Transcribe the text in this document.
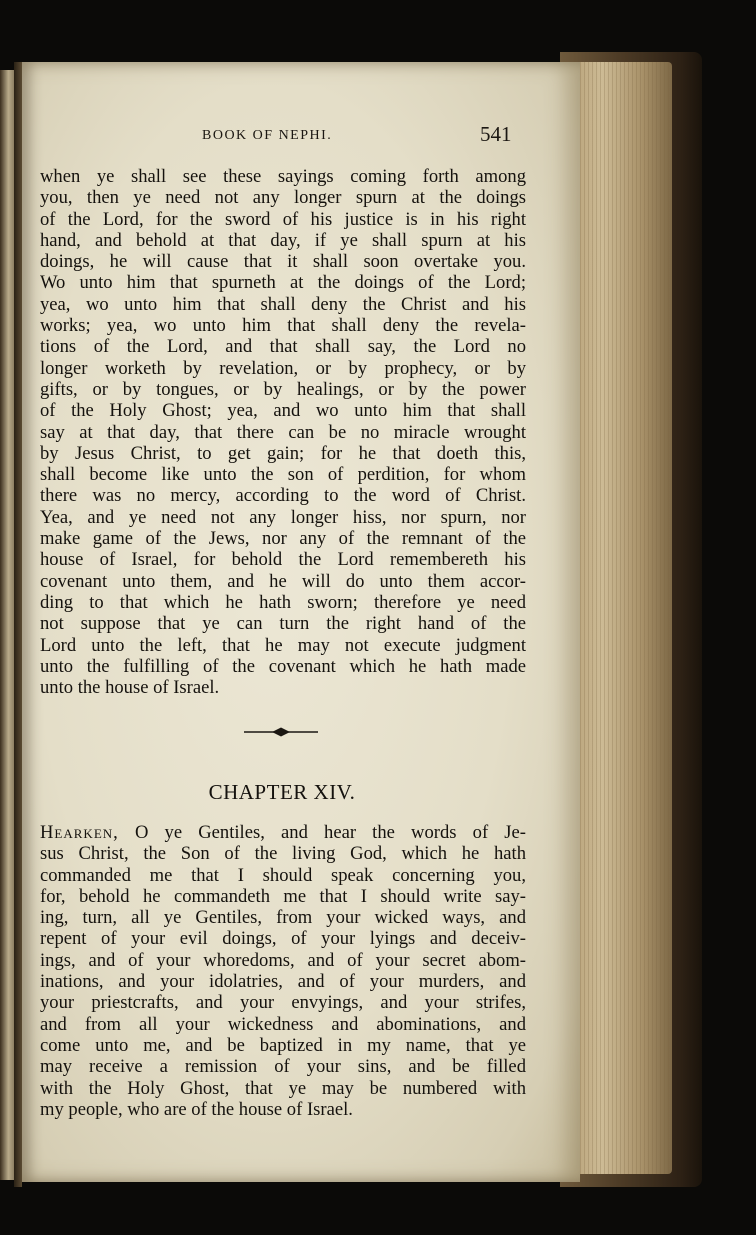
BOOK OF NEPHI.	541
when ye shall see these sayings coming forth among
you, then ye need not any longer spurn at the doings
of the Lord, for the sword of his justice is in his right
hand, and behold at that day, if ye shall spurn at his
doings, he will cause that it shall soon overtake you.
Wo unto him that spurneth at the doings of the Lord;
yea, wo unto him that shall deny the Christ and his
works; yea, wo unto him that shall deny the revela-
tions of the Lord, and that shall say, the Lord no
longer worketh by revelation, or by prophecy, or by
gifts, or by tongues, or by healings, or by the power
of the Holy Ghost; yea, and wo unto him that shall
say at that day, that there can be no miracle wrought
by Jesus Christ, to get gain; for he that doeth this,
shall become like unto the son of perdition, for whom
there was no mercy, according to the word of Christ.
Yea, and ye need not any longer hiss, nor spurn, nor
make game of the Jews, nor any of the remnant of the
house of Israel, for behold the Lord remembereth his
covenant unto them, and he will do unto them accor-
ding to that which he hath sworn; therefore ye need
not suppose that ye can turn the right hand of the
Lord unto the left, that he may not execute judgment
unto the fulfilling of the covenant which he hath made
unto the house of Israel.
CHAPTER XIV.
Hearken, O ye Gentiles, and hear the words of Je-
sus Christ, the Son of the living God, which he hath
commanded me that I should speak concerning you,
for, behold he commandeth me that I should write say-
ing, turn, all ye Gentiles, from your wicked ways, and
repent of your evil doings, of your lyings and deceiv-
ings, and of your whoredoms, and of your secret abom-
inations, and your idolatries, and of your murders, and
your priestcrafts, and your envyings, and your strifes,
and from all your wickedness and abominations, and
come unto me, and be baptized in my name, that ye
may receive a remission of your sins, and be filled
with the Holy Ghost, that ye may be numbered with
my people, who are of the house of Israel.
